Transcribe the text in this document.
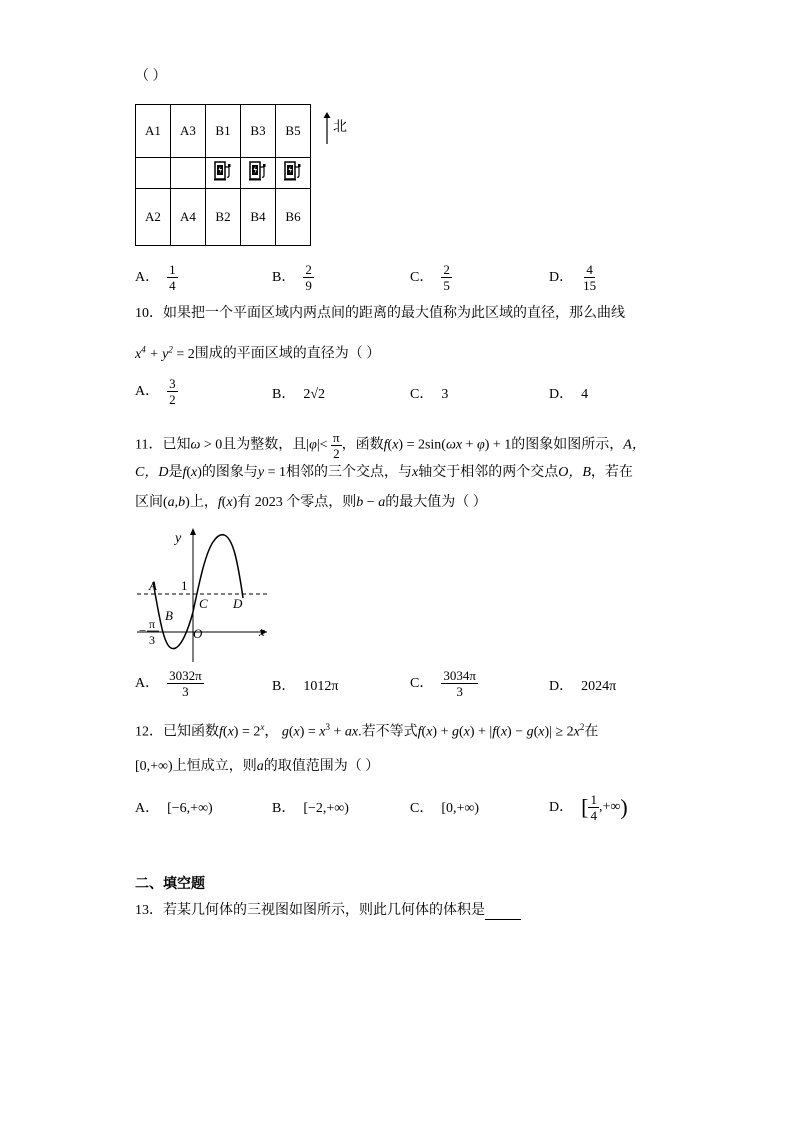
（ ）
A1	A3	B1	B3	B5

A2	A4	B2	B4	B6
北
A． $\frac{1}{4}$	B． $\frac{2}{9}$	C． $\frac{2}{5}$	D． $\frac{4}{15}$
10．如果把一个平面区域内两点间的距离的最大值称为此区域的直径，那么曲线
$x^4 + y^2 = 2$围成的平面区域的直径为（ ）
A． $\frac{3}{2}$	B． 2√2	C． 3	D． 4
11．已知ω > 0且为整数，且$|\varphi|< \frac{\pi}{2}$ ，函数f(x) = 2sin(ωx + φ) + 1的图象如图所示，A，
C，D是f(x)的图象与y = 1相邻的三个交点，与x轴交于相邻的两个交点O，B，若在
区间(a,b)上，f(x)有 2023 个零点，则b − a的最大值为（ ）
y
x
1
A
B
C D
O
− π
3
A． $\frac{3032\pi}{3}$	B． 1012π	C． $\frac{3034\pi}{3}$	D． 2024π
12．已知函数$f(x) = 2^x$， $g(x) = x^3$ + ax.若不等式$f(x) + g(x) + |f(x) - g(x)| \ge 2x^2$在
[0,+∞)上恒成立，则a的取值范围为（ ）
A． [−6,+∞)	B． [−2,+∞)	C． [0,+∞)	D． [ $\frac{1}{4}$ ,+∞)
二、填空题
13．若某几何体的三视图如图所示，则此几何体的体积是
